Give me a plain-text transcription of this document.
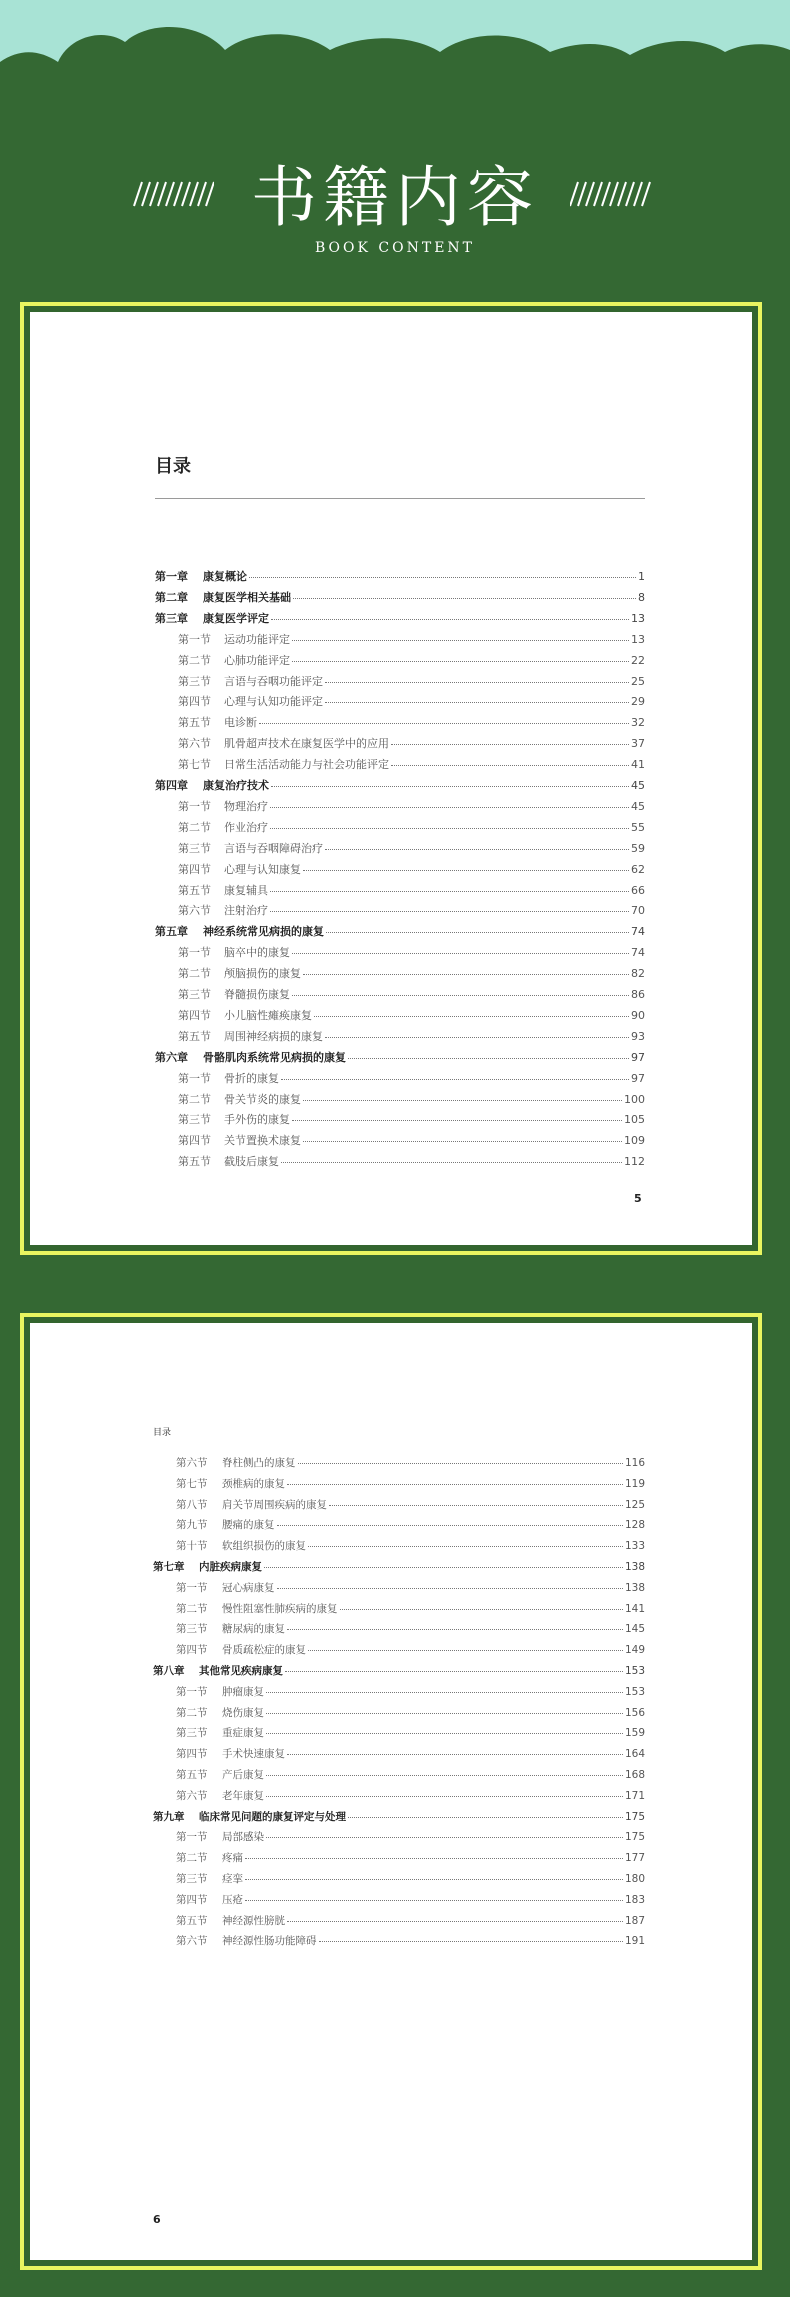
书籍内容
BOOK CONTENT
目录
第一章	康复概论	1
第二章	康复医学相关基础	8
第三章	康复医学评定	13
第一节	运动功能评定	13
第二节	心肺功能评定	22
第三节	言语与吞咽功能评定	25
第四节	心理与认知功能评定	29
第五节	电诊断	32
第六节	肌骨超声技术在康复医学中的应用	37
第七节	日常生活活动能力与社会功能评定	41
第四章	康复治疗技术	45
第一节	物理治疗	45
第二节	作业治疗	55
第三节	言语与吞咽障碍治疗	59
第四节	心理与认知康复	62
第五节	康复辅具	66
第六节	注射治疗	70
第五章	神经系统常见病损的康复	74
第一节	脑卒中的康复	74
第二节	颅脑损伤的康复	82
第三节	脊髓损伤康复	86
第四节	小儿脑性瘫痪康复	90
第五节	周围神经病损的康复	93
第六章	骨骼肌肉系统常见病损的康复	97
第一节	骨折的康复	97
第二节	骨关节炎的康复	100
第三节	手外伤的康复	105
第四节	关节置换术康复	109
第五节	截肢后康复	112
5
目录
第六节	脊柱侧凸的康复	116
第七节	颈椎病的康复	119
第八节	肩关节周围疾病的康复	125
第九节	腰痛的康复	128
第十节	软组织损伤的康复	133
第七章	内脏疾病康复	138
第一节	冠心病康复	138
第二节	慢性阻塞性肺疾病的康复	141
第三节	糖尿病的康复	145
第四节	骨质疏松症的康复	149
第八章	其他常见疾病康复	153
第一节	肿瘤康复	153
第二节	烧伤康复	156
第三节	重症康复	159
第四节	手术快速康复	164
第五节	产后康复	168
第六节	老年康复	171
第九章	临床常见问题的康复评定与处理	175
第一节	局部感染	175
第二节	疼痛	177
第三节	痉挛	180
第四节	压疮	183
第五节	神经源性膀胱	187
第六节	神经源性肠功能障碍	191
6
